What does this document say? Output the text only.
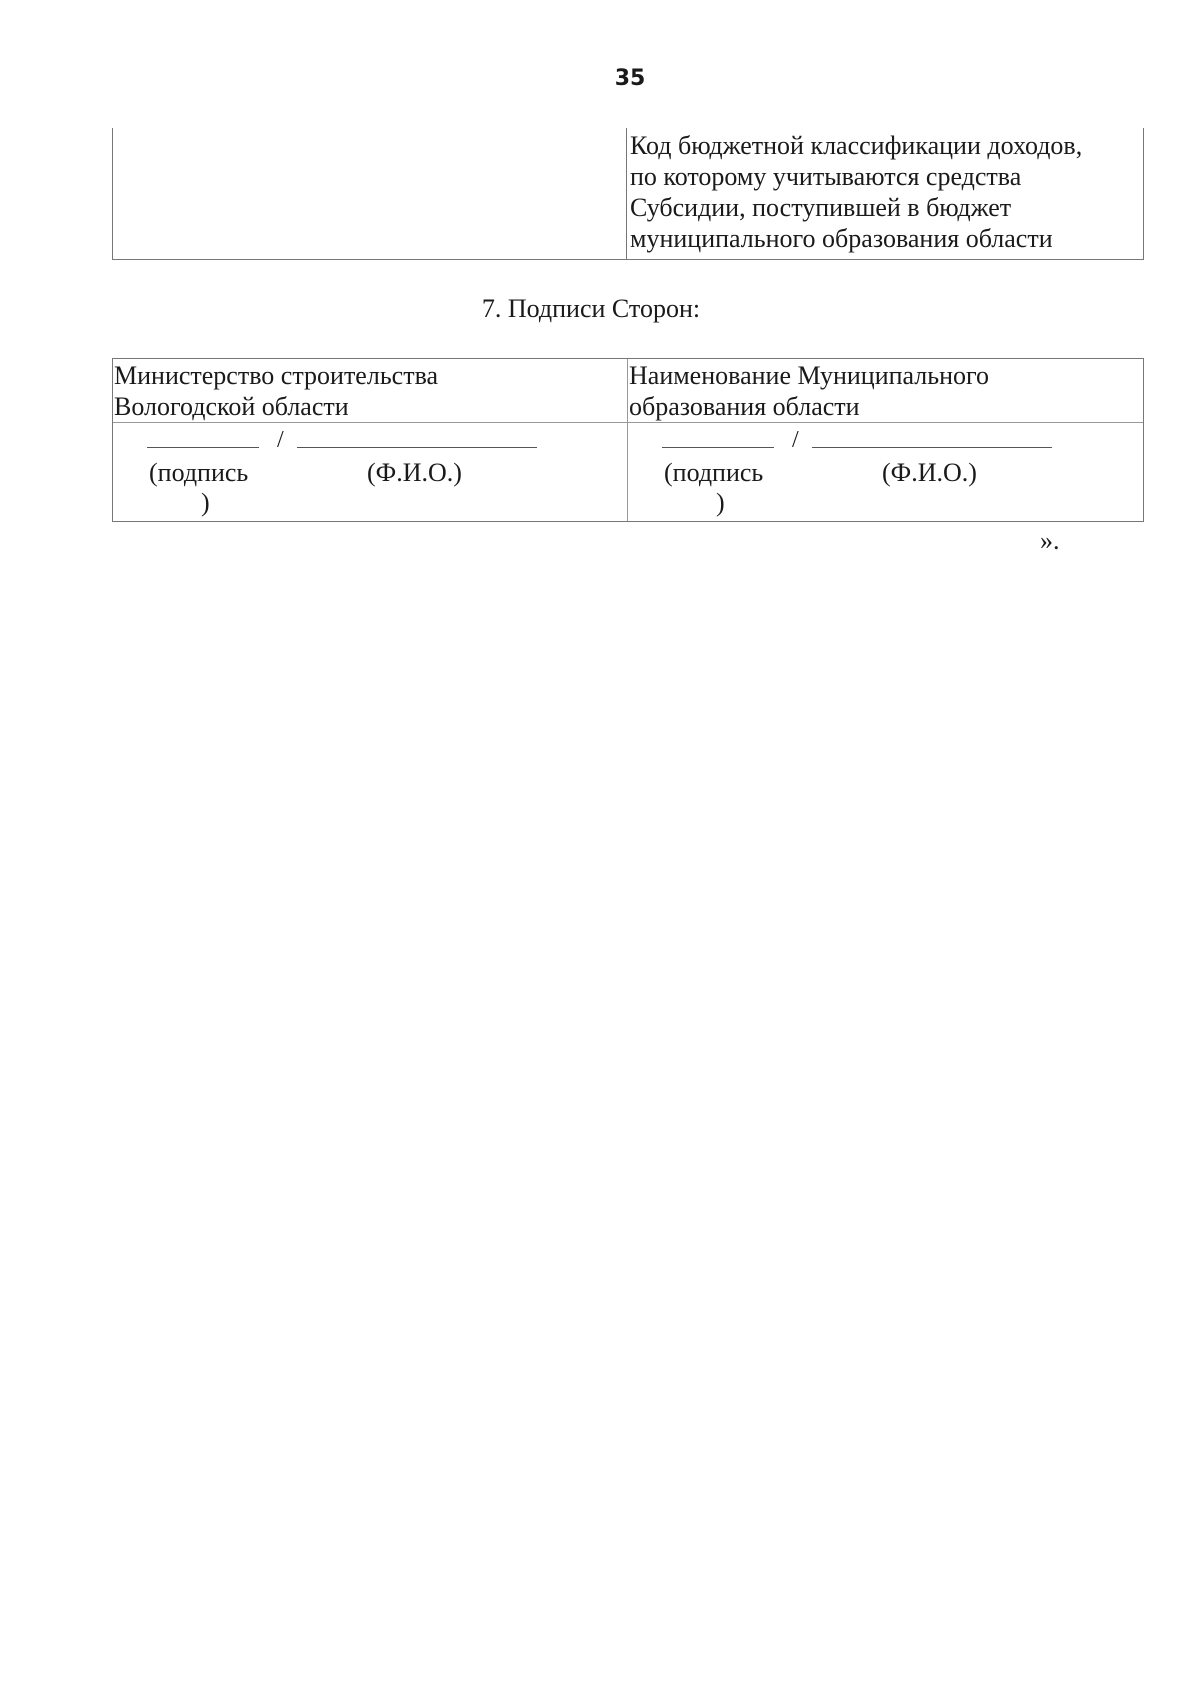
35
Код бюджетной классификации доходов,
по которому учитываются средства
Субсидии, поступившей в бюджет
муниципального образования области
7. Подписи Сторон:
Министерство строительства
Вологодской области
Наименование Муниципального
образования области
/
(подпись	(Ф.И.О.)
)
/
(подпись	(Ф.И.О.)
)
».
